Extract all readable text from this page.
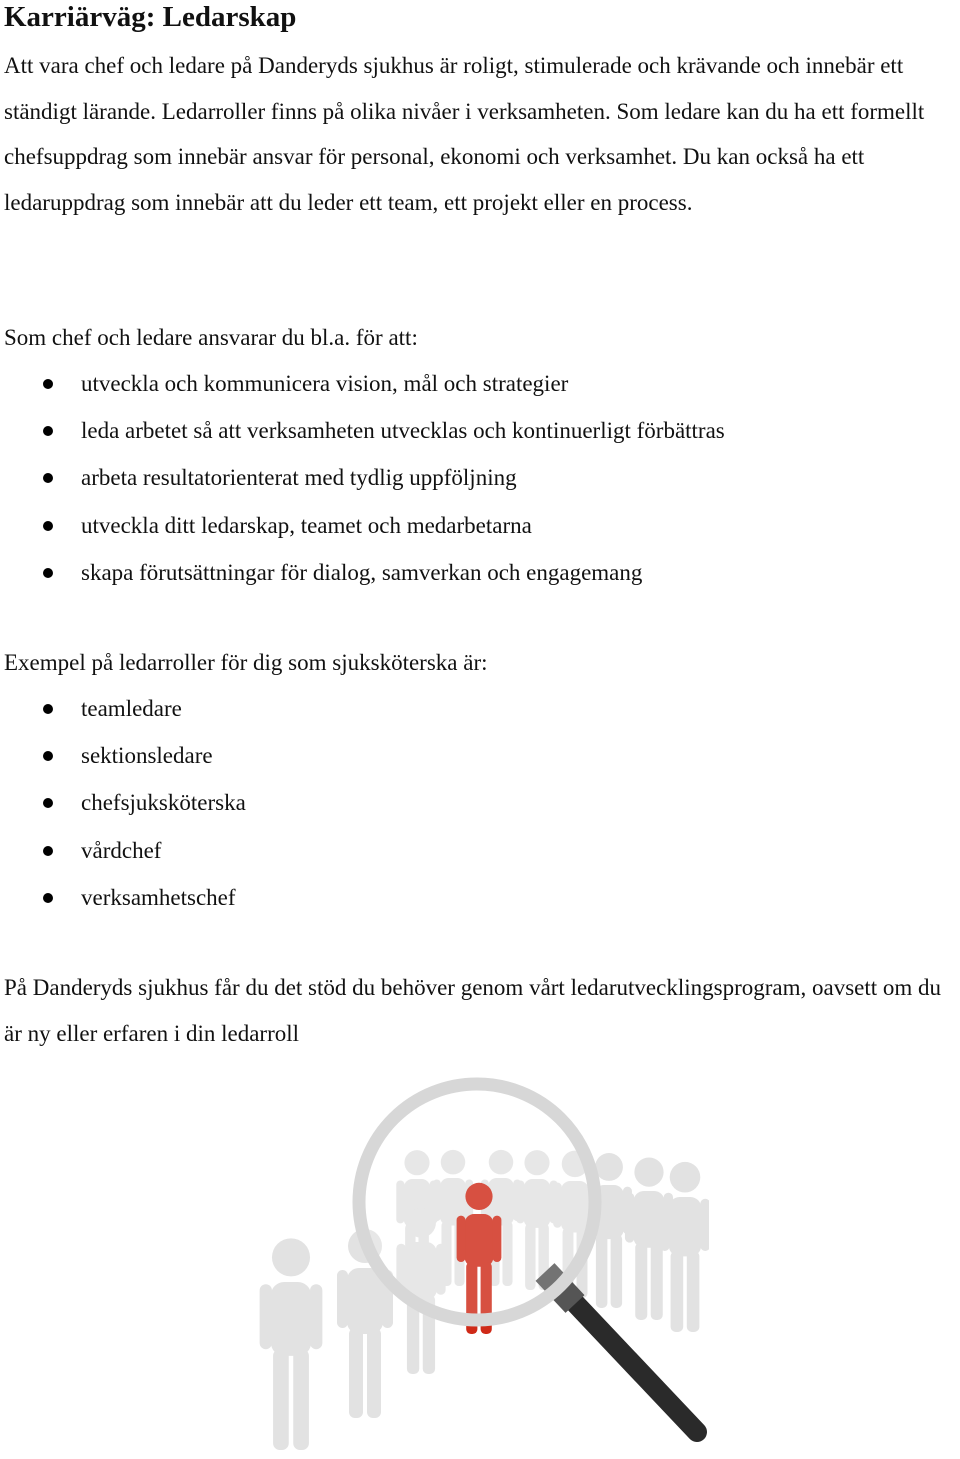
Karriärväg: Ledarskap

Att vara chef och ledare på Danderyds sjukhus är roligt, stimulerade och krävande och innebär ett ständigt lärande. Ledarroller finns på olika nivåer i verksamheten. Som ledare kan du ha ett formellt chefsuppdrag som innebär ansvar för personal, ekonomi och verksamhet. Du kan också ha ett ledaruppdrag som innebär att du leder ett team, ett projekt eller en process.

Som chef och ledare ansvarar du bl.a. för att:

utveckla och kommunicera vision, mål och strategier
leda arbetet så att verksamheten utvecklas och kontinuerligt förbättras
arbeta resultatorienterat med tydlig uppföljning
utveckla ditt ledarskap, teamet och medarbetarna
skapa förutsättningar för dialog, samverkan och engagemang

Exempel på ledarroller för dig som sjuksköterska är:

teamledare
sektionsledare
chefsjuksköterska
vårdchef
verksamhetschef

På Danderyds sjukhus får du det stöd du behöver genom vårt ledarutvecklingsprogram, oavsett om du är ny eller erfaren i din ledarroll
